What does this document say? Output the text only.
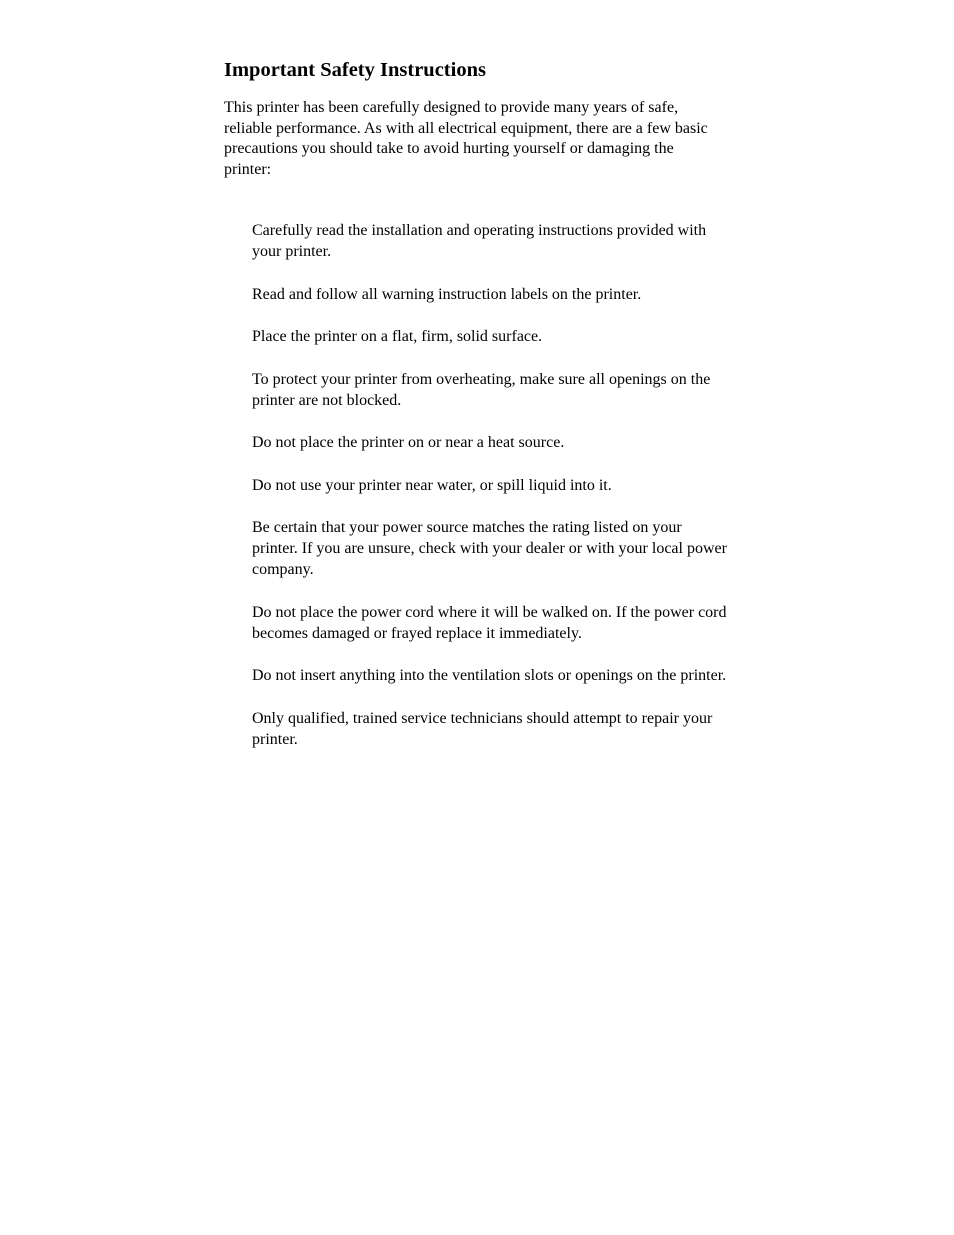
Important Safety Instructions

This printer has been carefully designed to provide many years of safe, reliable performance. As with all electrical equipment, there are a few basic precautions you should take to avoid hurting yourself or damaging the printer:

Carefully read the installation and operating instructions provided with your printer.
Read and follow all warning instruction labels on the printer.
Place the printer on a flat, firm, solid surface.
To protect your printer from overheating, make sure all openings on the printer are not blocked.
Do not place the printer on or near a heat source.
Do not use your printer near water, or spill liquid into it.
Be certain that your power source matches the rating listed on your printer. If you are unsure, check with your dealer or with your local power company.
Do not place the power cord where it will be walked on. If the power cord becomes damaged or frayed replace it immediately.
Do not insert anything into the ventilation slots or openings on the printer.
Only qualified, trained service technicians should attempt to repair your printer.
